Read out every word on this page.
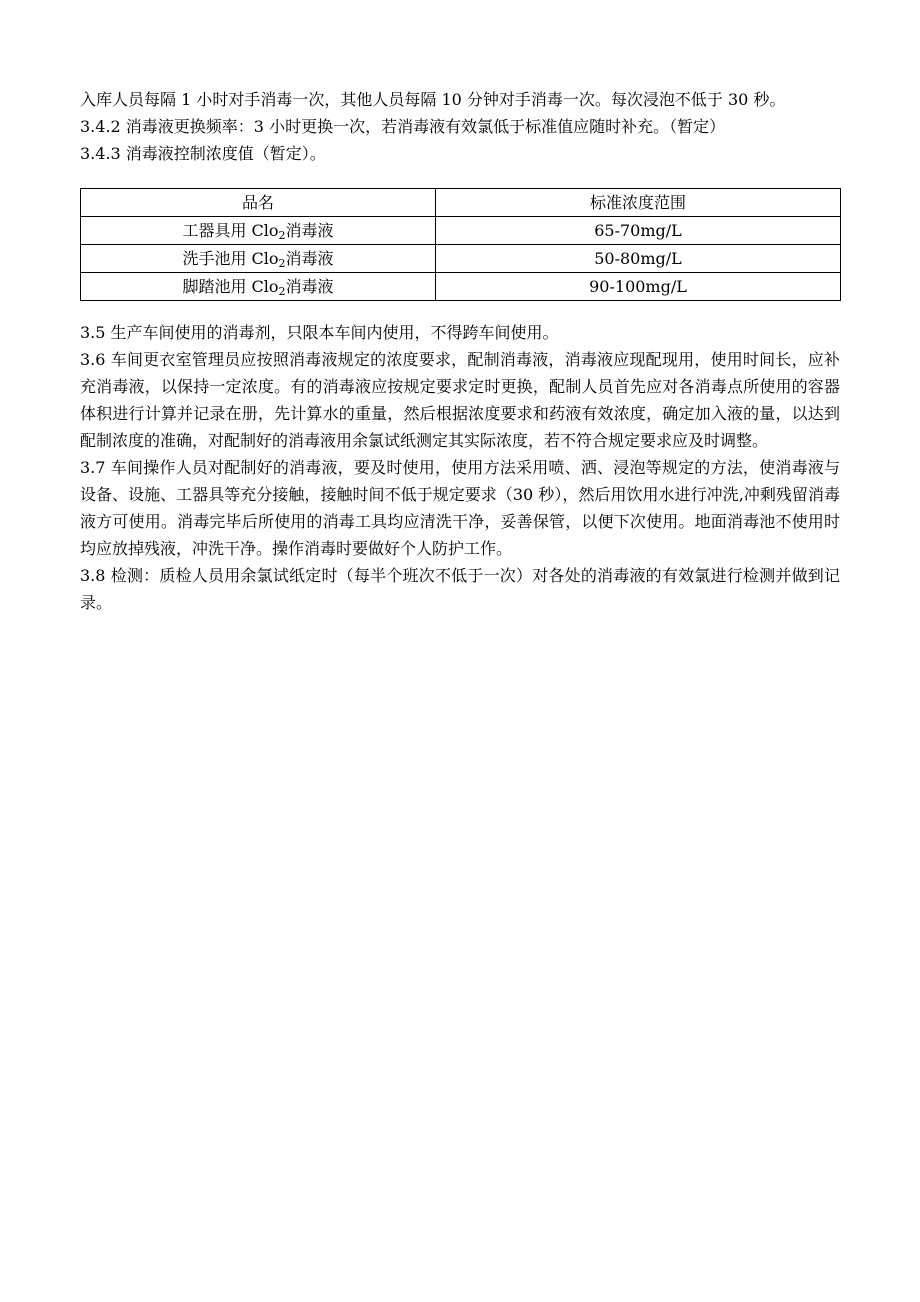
入库人员每隔 1 小时对手消毒一次，其他人员每隔 10 分钟对手消毒一次。每次浸泡不低于 30 秒。

3.4.2 消毒液更换频率：3 小时更换一次，若消毒液有效氯低于标准值应随时补充。（暂定）

3.4.3 消毒液控制浓度值（暂定）。

品名	标准浓度范围
工器具用 Clo$_2$消毒液	65-70mg/L
洗手池用 Clo$_2$消毒液	50-80mg/L
脚踏池用 Clo$_2$消毒液	90-100mg/L

3.5 生产车间使用的消毒剂，只限本车间内使用，不得跨车间使用。

3.6 车间更衣室管理员应按照消毒液规定的浓度要求，配制消毒液，消毒液应现配现用，使用时间长，应补充消毒液，以保持一定浓度。有的消毒液应按规定要求定时更换，配制人员首先应对各消毒点所使用的容器体积进行计算并记录在册，先计算水的重量，然后根据浓度要求和药液有效浓度，确定加入液的量，以达到配制浓度的准确，对配制好的消毒液用余氯试纸测定其实际浓度，若不符合规定要求应及时调整。

3.7 车间操作人员对配制好的消毒液，要及时使用，使用方法采用喷、洒、浸泡等规定的方法，使消毒液与设备、设施、工器具等充分接触，接触时间不低于规定要求（30 秒），然后用饮用水进行冲洗,冲剩残留消毒液方可使用。消毒完毕后所使用的消毒工具均应清洗干净，妥善保管，以便下次使用。地面消毒池不使用时均应放掉残液，冲洗干净。操作消毒时要做好个人防护工作。

3.8 检测：质检人员用余氯试纸定时（每半个班次不低于一次）对各处的消毒液的有效氯进行检测并做到记录。
